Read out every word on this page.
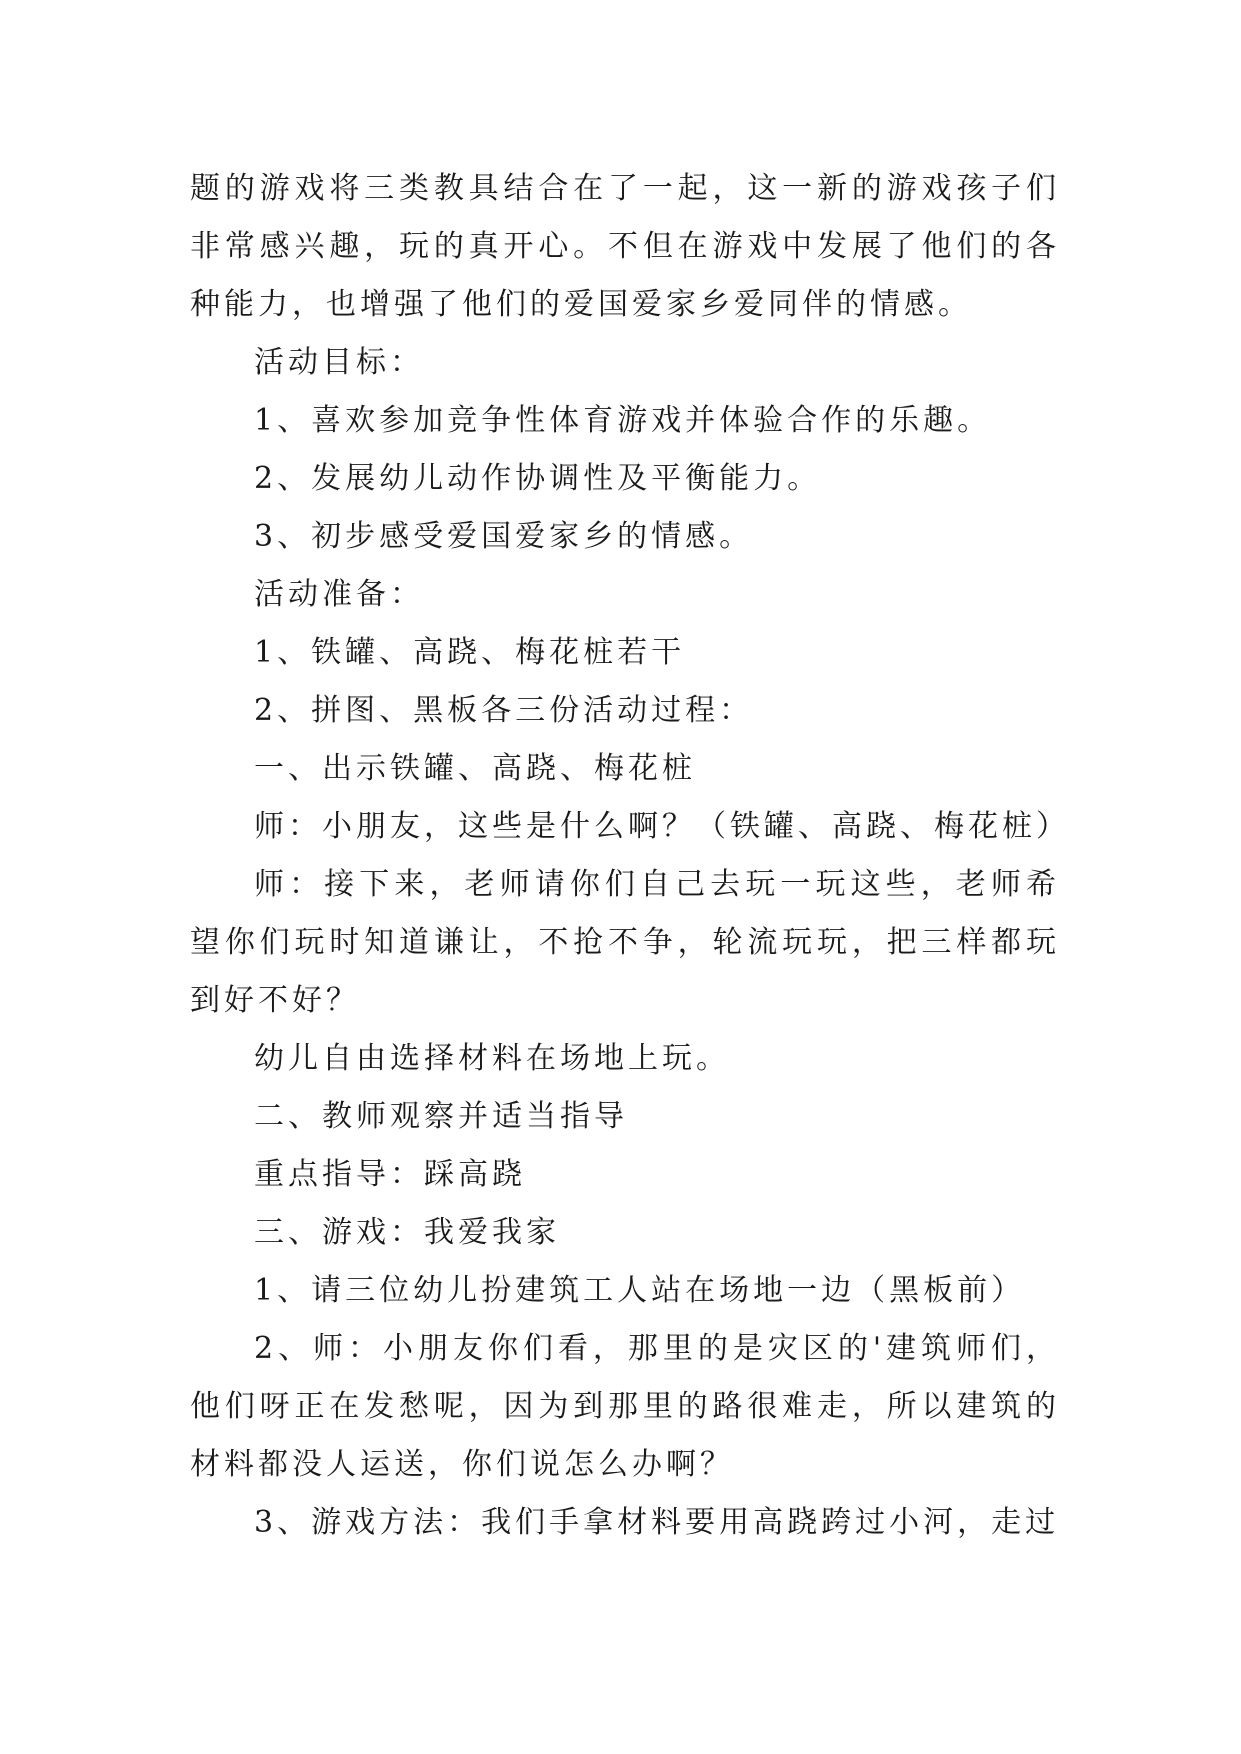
题的游戏将三类教具结合在了一起，这一新的游戏孩子们非常感兴趣，玩的真开心。不但在游戏中发展了他们的各种能力，也增强了他们的爱国爱家乡爱同伴的情感。

活动目标：

1、喜欢参加竞争性体育游戏并体验合作的乐趣。

2、发展幼儿动作协调性及平衡能力。

3、初步感受爱国爱家乡的情感。

活动准备：

1、铁罐、高跷、梅花桩若干

2、拼图、黑板各三份活动过程：

一、出示铁罐、高跷、梅花桩

师：小朋友，这些是什么啊？（铁罐、高跷、梅花桩）

师：接下来，老师请你们自己去玩一玩这些，老师希望你们玩时知道谦让，不抢不争，轮流玩玩，把三样都玩到好不好？

幼儿自由选择材料在场地上玩。

二、教师观察并适当指导

重点指导：踩高跷

三、游戏：我爱我家

1、请三位幼儿扮建筑工人站在场地一边（黑板前）

2、师：小朋友你们看，那里的是灾区的'建筑师们，他们呀正在发愁呢，因为到那里的路很难走，所以建筑的材料都没人运送，你们说怎么办啊？

3、游戏方法：我们手拿材料要用高跷跨过小河，走过
